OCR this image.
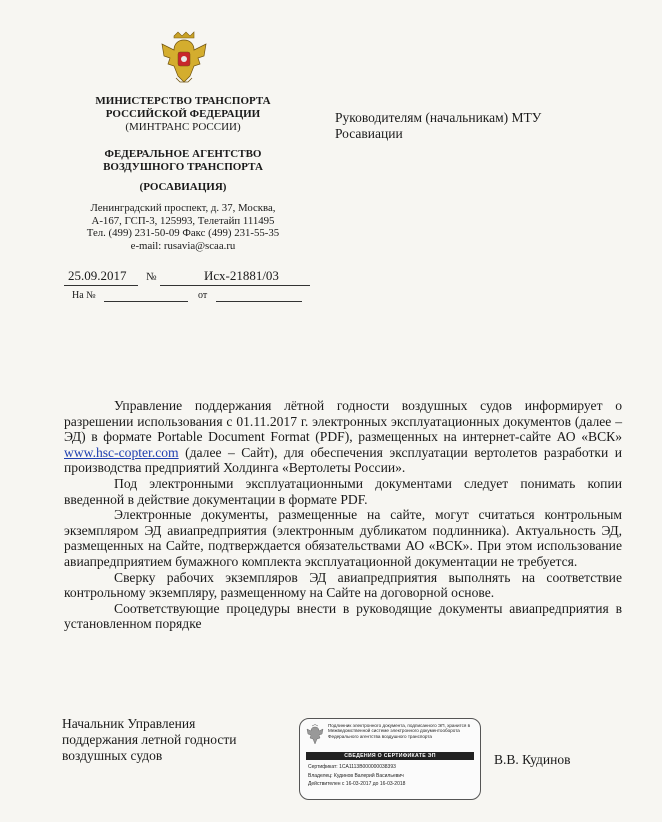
МИНИСТЕРСТВО ТРАНСПОРТА
РОССИЙСКОЙ ФЕДЕРАЦИИ
(МИНТРАНС РОССИИ)
ФЕДЕРАЛЬНОЕ АГЕНТСТВО
ВОЗДУШНОГО ТРАНСПОРТА
(РОСАВИАЦИЯ)
Ленинградский проспект, д. 37, Москва,
А-167, ГСП-3, 125993, Телетайп 111495
Тел. (499) 231-50-09 Факс (499) 231-55-35
e-mail: rusavia@scaa.ru
Руководителям (начальникам) МТУ
Росавиации
25.09.2017 №	Исх-21881/03
На №	от

Управление поддержания лётной годности воздушных судов информирует о разрешении использования с 01.11.2017 г. электронных эксплуатационных документов (далее – ЭД) в формате Portable Document Format (PDF), размещенных на интернет-сайте АО «ВСК» www.hsc-copter.com (далее – Сайт), для обеспечения эксплуатации вертолетов разработки и производства предприятий Холдинга «Вертолеты России».

Под электронными эксплуатационными документами следует понимать копии введенной в действие документации в формате PDF.

Электронные документы, размещенные на сайте, могут считаться контрольным экземпляром ЭД авиапредприятия (электронным дубликатом подлинника). Актуальность ЭД, размещенных на Сайте, подтверждается обязательствами АО «ВСК». При этом использование авиапредприятием бумажного комплекта эксплуатационной документации не требуется.

Сверку рабочих экземпляров ЭД авиапредприятия выполнять на соответствие контрольному экземпляру, размещенному на Сайте на договорной основе.

Соответствующие процедуры внести в руководящие документы авиапредприятия в установленном порядке

Начальник Управления
поддержания летной годности
воздушных судов
Подлинник электронного документа, подписанного ЭП, хранится в Межведомственной системе электронного документооборота Федерального агентства воздушного транспорта
СВЕДЕНИЯ О СЕРТИФИКАТЕ ЭП
Сертификат: 1CA1113B000000038393
Владелец: Кудинов Валерий Васильевич
Действителен с 16-03-2017 до 16-03-2018
В.В. Кудинов
